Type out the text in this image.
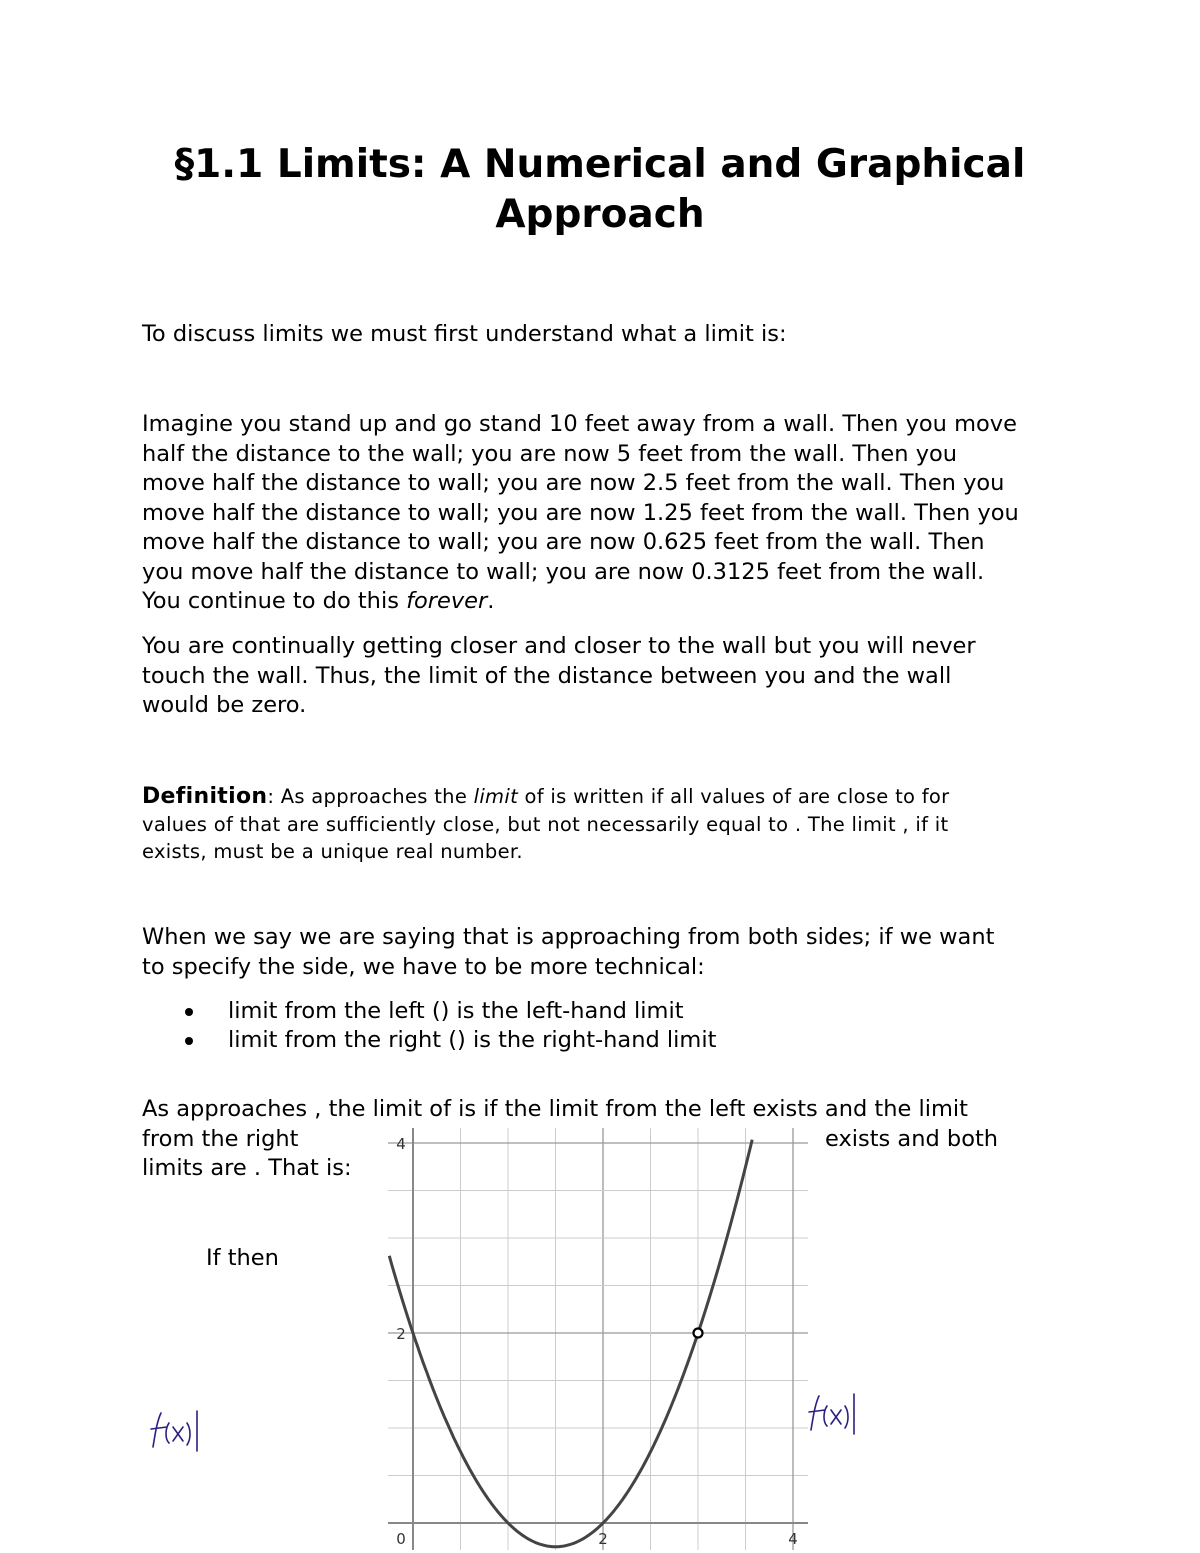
§1.1 Limits: A Numerical and Graphical
Approach
To discuss limits we must first understand what a limit is:
Imagine you stand up and go stand 10 feet away from a wall. Then you move
half the distance to the wall; you are now 5 feet from the wall. Then you
move half the distance to wall; you are now 2.5 feet from the wall. Then you
move half the distance to wall; you are now 1.25 feet from the wall. Then you
move half the distance to wall; you are now 0.625 feet from the wall. Then
you move half the distance to wall; you are now 0.3125 feet from the wall.
You continue to do this forever.
You are continually getting closer and closer to the wall but you will never
touch the wall. Thus, the limit of the distance between you and the wall
would be zero.
Definition: As approaches the limit of is written if all values of are close to for
values of that are sufficiently close, but not necessarily equal to . The limit , if it
exists, must be a unique real number.
When we say we are saying that is approaching from both sides; if we want
to specify the side, we have to be more technical:
limit from the left () is the left-hand limit
limit from the right () is the right-hand limit
As approaches , the limit of is if the limit from the left exists and the limit
from the right	exists and both
limits are . That is:
If then
0	2	4
4
2
